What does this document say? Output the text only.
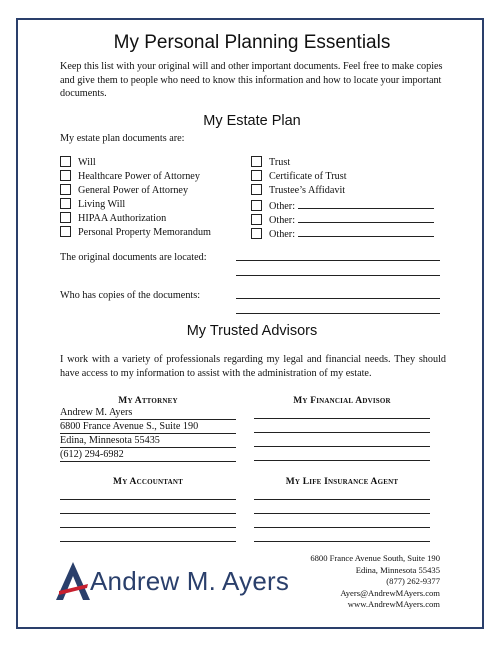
My Personal Planning Essentials
Keep this list with your original will and other important documents. Feel free to make copies and give them to people who need to know this information and how to locate your important documents.
My Estate Plan
My estate plan documents are:
Will
Healthcare Power of Attorney
General Power of Attorney
Living Will
HIPAA Authorization
Personal Property Memorandum
Trust
Certificate of Trust
Trustee’s Affidavit
Other:
Other:
Other:
The original documents are located:
Who has copies of the documents:
My Trusted Advisors
I work with a variety of professionals regarding my legal and financial needs. They should have access to my information to assist with the administration of my estate.
My Attorney
Andrew M. Ayers
6800 France Avenue S., Suite 190
Edina, Minnesota 55435
(612) 294-6982
My Financial Advisor
My Accountant	My Life Insurance Agent
Andrew M. Ayers
6800 France Avenue South, Suite 190
Edina, Minnesota 55435
(877) 262-9377
Ayers@AndrewMAyers.com
www.AndrewMAyers.com
